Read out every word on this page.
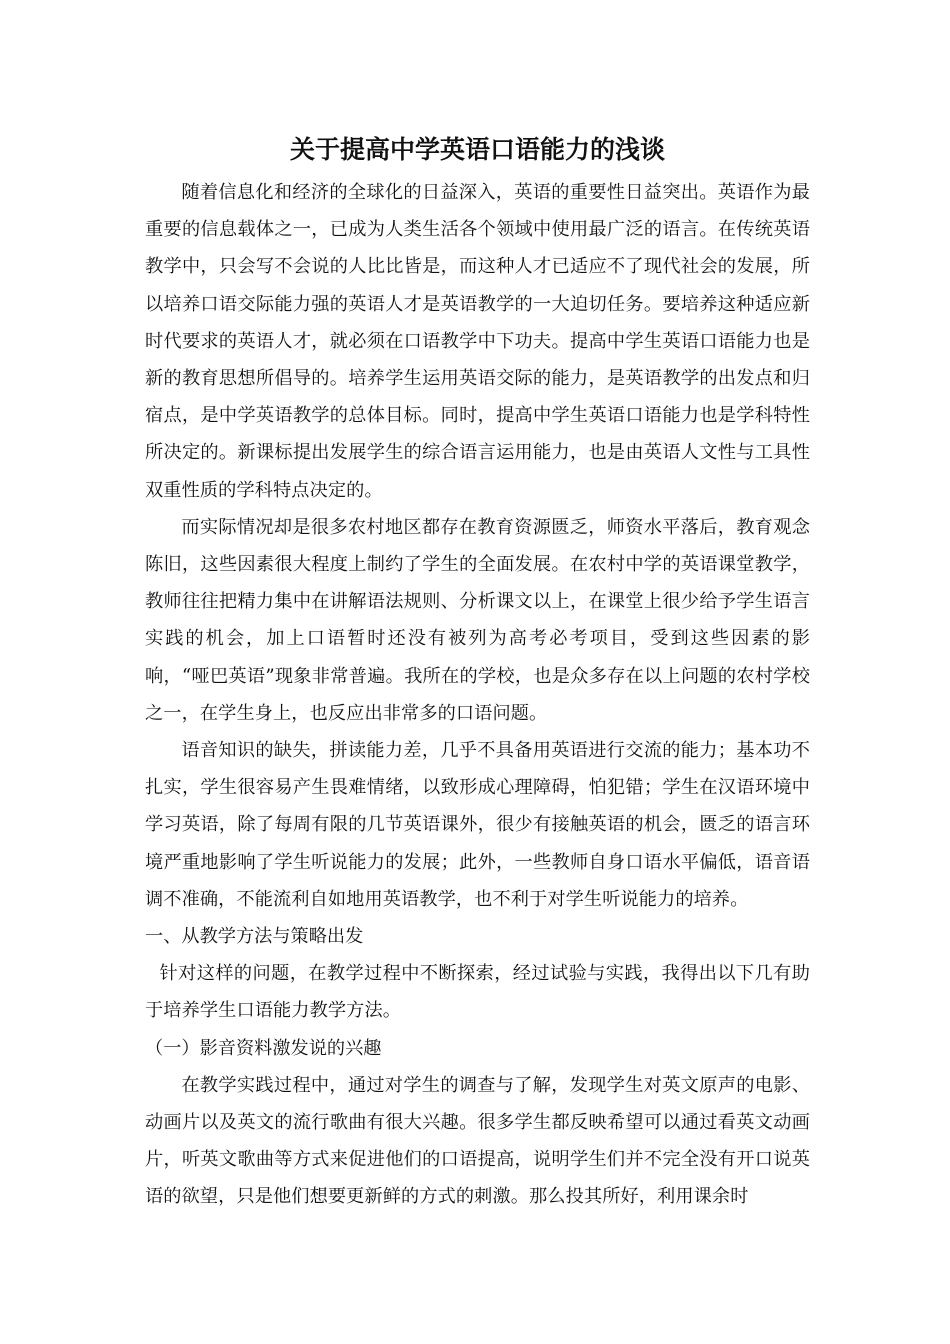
关于提高中学英语口语能力的浅谈

随着信息化和经济的全球化的日益深入，英语的重要性日益突出。英语作为最重要的信息载体之一，已成为人类生活各个领域中使用最广泛的语言。在传统英语教学中，只会写不会说的人比比皆是，而这种人才已适应不了现代社会的发展，所以培养口语交际能力强的英语人才是英语教学的一大迫切任务。要培养这种适应新时代要求的英语人才，就必须在口语教学中下功夫。提高中学生英语口语能力也是新的教育思想所倡导的。培养学生运用英语交际的能力，是英语教学的出发点和归宿点，是中学英语教学的总体目标。同时，提高中学生英语口语能力也是学科特性所决定的。新课标提出发展学生的综合语言运用能力，也是由英语人文性与工具性双重性质的学科特点决定的。

而实际情况却是很多农村地区都存在教育资源匮乏，师资水平落后，教育观念陈旧，这些因素很大程度上制约了学生的全面发展。在农村中学的英语课堂教学，教师往往把精力集中在讲解语法规则、分析课文以上，在课堂上很少给予学生语言实践的机会，加上口语暂时还没有被列为高考必考项目，受到这些因素的影响，“哑巴英语”现象非常普遍。我所在的学校，也是众多存在以上问题的农村学校之一，在学生身上，也反应出非常多的口语问题。

语音知识的缺失，拼读能力差，几乎不具备用英语进行交流的能力；基本功不扎实，学生很容易产生畏难情绪，以致形成心理障碍，怕犯错；学生在汉语环境中学习英语，除了每周有限的几节英语课外，很少有接触英语的机会，匮乏的语言环境严重地影响了学生听说能力的发展；此外，一些教师自身口语水平偏低，语音语调不准确，不能流利自如地用英语教学，也不利于对学生听说能力的培养。

一、从教学方法与策略出发

针对这样的问题，在教学过程中不断探索，经过试验与实践，我得出以下几有助于培养学生口语能力教学方法。

（一）影音资料激发说的兴趣

在教学实践过程中，通过对学生的调查与了解，发现学生对英文原声的电影、动画片以及英文的流行歌曲有很大兴趣。很多学生都反映希望可以通过看英文动画片，听英文歌曲等方式来促进他们的口语提高，说明学生们并不完全没有开口说英语的欲望，只是他们想要更新鲜的方式的刺激。那么投其所好，利用课余时
